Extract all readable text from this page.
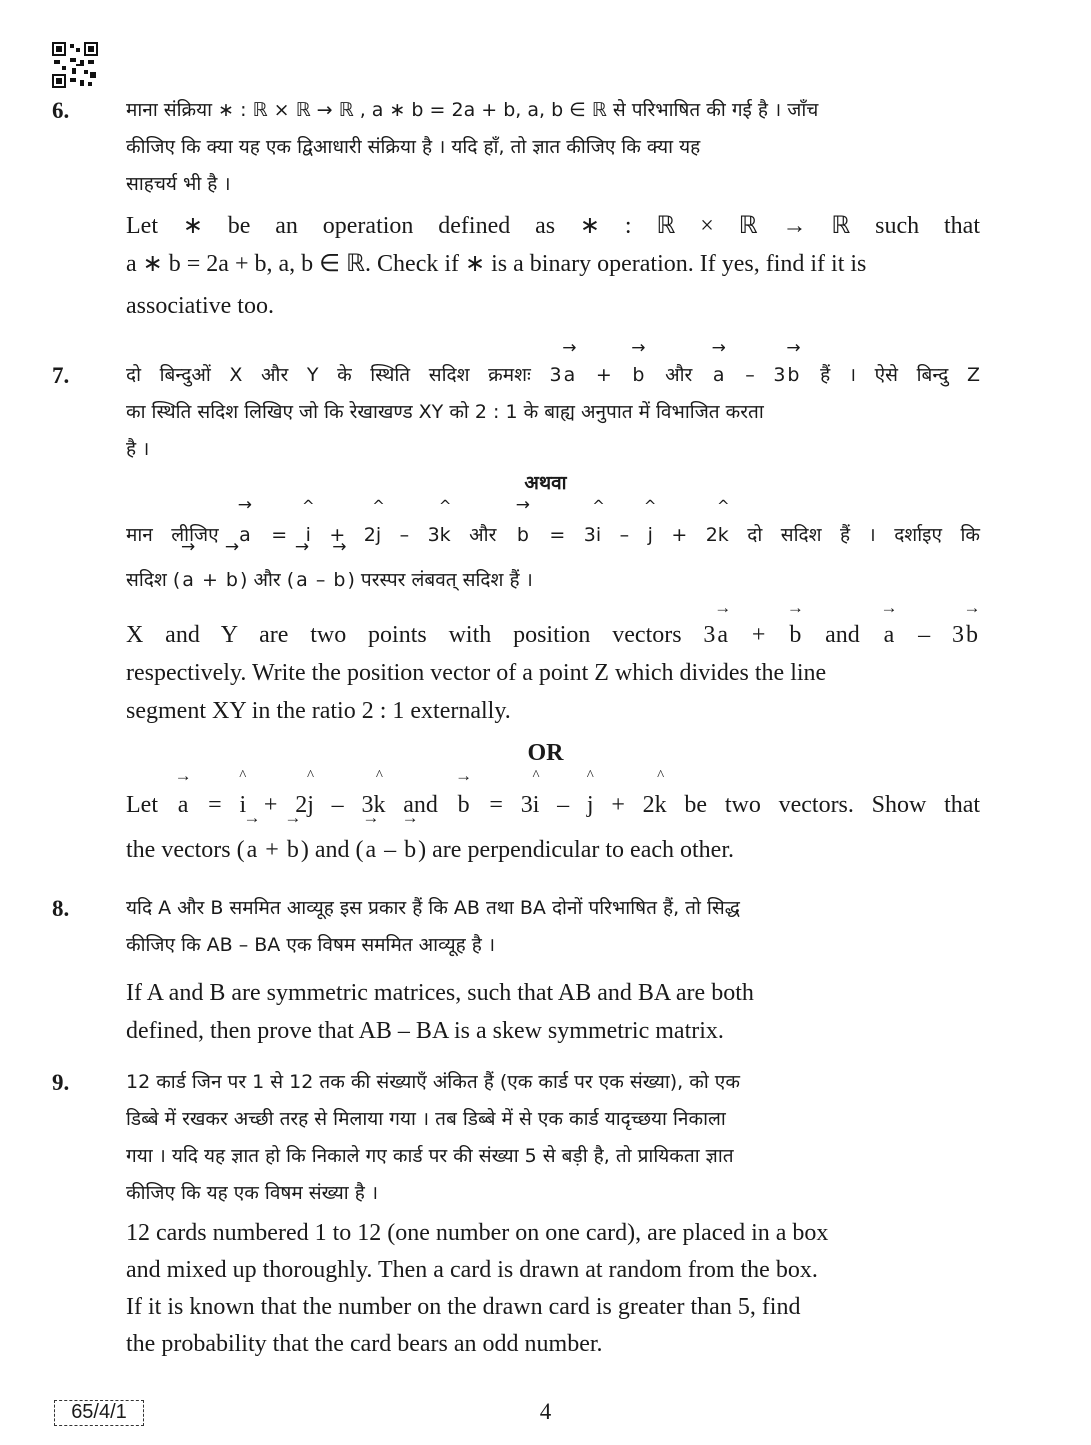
6.	माना संक्रिया ∗ : ℝ × ℝ → ℝ , a ∗ b = 2a + b, a, b ∈ ℝ से परिभाषित की गई है । जाँच

कीजिए कि क्या यह एक द्विआधारी संक्रिया है । यदि हाँ, तो ज्ञात कीजिए कि क्या यह

साहचर्य भी है ।

Let ∗ be an operation defined as ∗ : ℝ × ℝ → ℝ such that

a ∗ b = 2a + b, a, b ∈ ℝ. Check if ∗ is a binary operation. If yes, find if it is

associative too.

7.	दो बिन्दुओं X और Y के स्थिति सदिश क्रमशः 3 → a + → b और → a – 3 → b हैं । ऐसे बिन्दु Z

का स्थिति सदिश लिखिए जो कि रेखाखण्ड XY को 2 : 1 के बाह्य अनुपात में विभाजित करता

है ।

अथवा

मान लीजिए → a = ^ i + 2^ j – 3^ k और → b = 3^ i – ^ j + 2^ k दो सदिश हैं । दर्शाइए कि

सदिश ( → a + → b ) और ( → a – → b ) परस्पर लंबवत् सदिश हैं ।

X and Y are two points with position vectors 3→ a + → b and → a – 3→ b

respectively. Write the position vector of a point Z which divides the line

segment XY in the ratio 2 : 1 externally.

OR

Let → a = ^ i + 2^ j – 3^ k and → b = 3^ i – ^ j + 2^ k be two vectors. Show that

the vectors (→ a + → b) and (→ a – → b) are perpendicular to each other.

8.	यदि A और B सममित आव्यूह इस प्रकार हैं कि AB तथा BA दोनों परिभाषित हैं, तो सिद्ध

कीजिए कि AB – BA एक विषम सममित आव्यूह है ।

If A and B are symmetric matrices, such that AB and BA are both

defined, then prove that AB – BA is a skew symmetric matrix.

9.	12 कार्ड जिन पर 1 से 12 तक की संख्याएँ अंकित हैं (एक कार्ड पर एक संख्या), को एक

डिब्बे में रखकर अच्छी तरह से मिलाया गया । तब डिब्बे में से एक कार्ड यादृच्छया निकाला

गया । यदि यह ज्ञात हो कि निकाले गए कार्ड पर की संख्या 5 से बड़ी है, तो प्रायिकता ज्ञात

कीजिए कि यह एक विषम संख्या है ।

12 cards numbered 1 to 12 (one number on one card), are placed in a box

and mixed up thoroughly. Then a card is drawn at random from the box.

If it is known that the number on the drawn card is greater than 5, find

the probability that the card bears an odd number.

65/4/1	4
